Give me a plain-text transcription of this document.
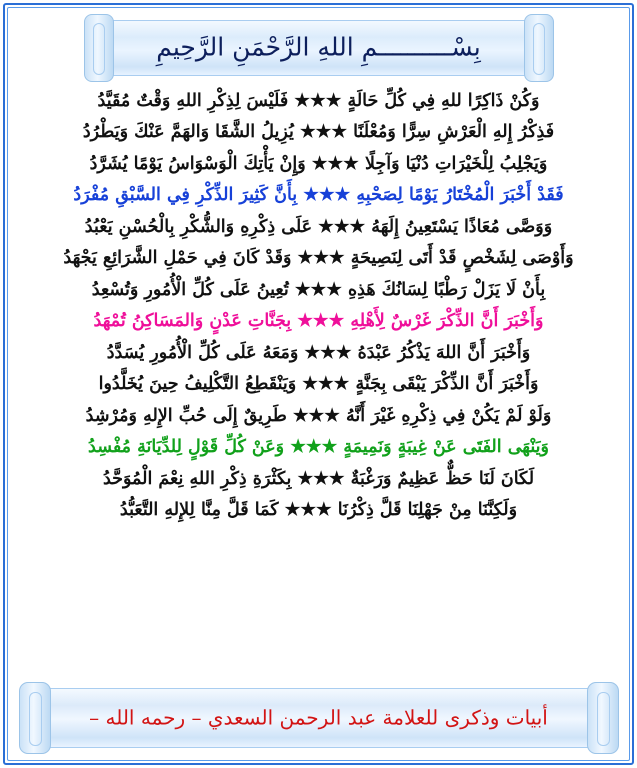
بِسْــــــــــمِ اللهِ الرَّحْمَنِ الرَّحِيمِ
وَكُنْ ذَاكِرًا للهِ فِي كُلِّ حَالَةٍ ★★★ فَلَيْسَ لِذِكْرِ اللهِ وَقْتٌ مُقَيَّدُ
فَذِكْرُ إِلهِ الْعَرْشِ سِرًّا وَمُعْلَنًا ★★★ يُزِيلُ الشَّقَا وَالهَمَّ عَنْكَ وَيَطْرُدُ
وَيَجْلِبُ لِلْخَيْرَاتِ دُنْيَا وَآجِلًا ★★★ وَإِنْ يَأْتِكَ الْوَسْوَاسُ يَوْمًا يُشَرَّدُ
فَقَدْ أَخْبَرَ الْمُخْتَارُ يَوْمًا لِصَحْبِهِ ★★★ بِأَنَّ كَثِيرَ الذِّكْرِ فِي السَّبْقِ مُفْرَدُ
وَوَصَّى مُعَاذًا يَسْتَعِينُ إِلَهَهُ ★★★ عَلَى ذِكْرِهِ وَالشُّكْرِ بِالْحُسْنِ يَعْبُدُ
وَأَوْصَى لِشَخْصٍ قَدْ أَتَى لِنَصِيحَةٍ ★★★ وَقَدْ كَانَ فِي حَمْلِ الشَّرَائِعِ يَجْهَدُ
بِأَنْ لَا يَزَلْ رَطْبًا لِسَانُكَ هَذِهِ ★★★ تُعِينُ عَلَى كُلِّ الْأُمُورِ وَتُسْعِدُ
وَأَخْبَرَ أَنَّ الذِّكْرَ غَرْسٌ لِأَهْلِهِ ★★★ بِجَنَّاتِ عَدْنٍ وَالمَسَاكِنُ تُمْهَدُ
وَأَخْبَرَ أَنَّ اللهَ يَذْكُرُ عَبْدَهُ ★★★ وَمَعَهُ عَلَى كُلِّ الْأُمُورِ يُسَدَّدُ
وَأَخْبَرَ أَنَّ الذِّكْرَ يَبْقَى بِجَنَّةٍ ★★★ وَيَنْقَطِعُ التَّكْلِيفُ حِينَ يُخَلَّدُوا
وَلَوْ لَمْ يَكُنْ فِي ذِكْرِهِ غَيْرَ أَنَّهُ ★★★ طَرِيقٌ إِلَى حُبِّ الإِلهِ وَمُرْشِدُ
وَيَنْهَى الفَتَى عَنْ غِيبَةٍ وَنَمِيمَةٍ ★★★ وَعَنْ كُلِّ قَوْلٍ لِلدِّيَانَةِ مُفْسِدُ
لَكَانَ لَنَا حَظٌّ عَظِيمٌ وَرَغْبَةٌ ★★★ بِكَثْرَةِ ذِكْرِ اللهِ نِعْمَ الْمُوَحَّدُ
وَلَكِنَّنَا مِنْ جَهْلِنَا قَلَّ ذِكْرُنَا ★★★ كَمَا قَلَّ مِنَّا لِلإِلهِ التَّعَبُّدُ
أبيات وذكرى للعلامة عبد الرحمن السعدي – رحمه الله –
